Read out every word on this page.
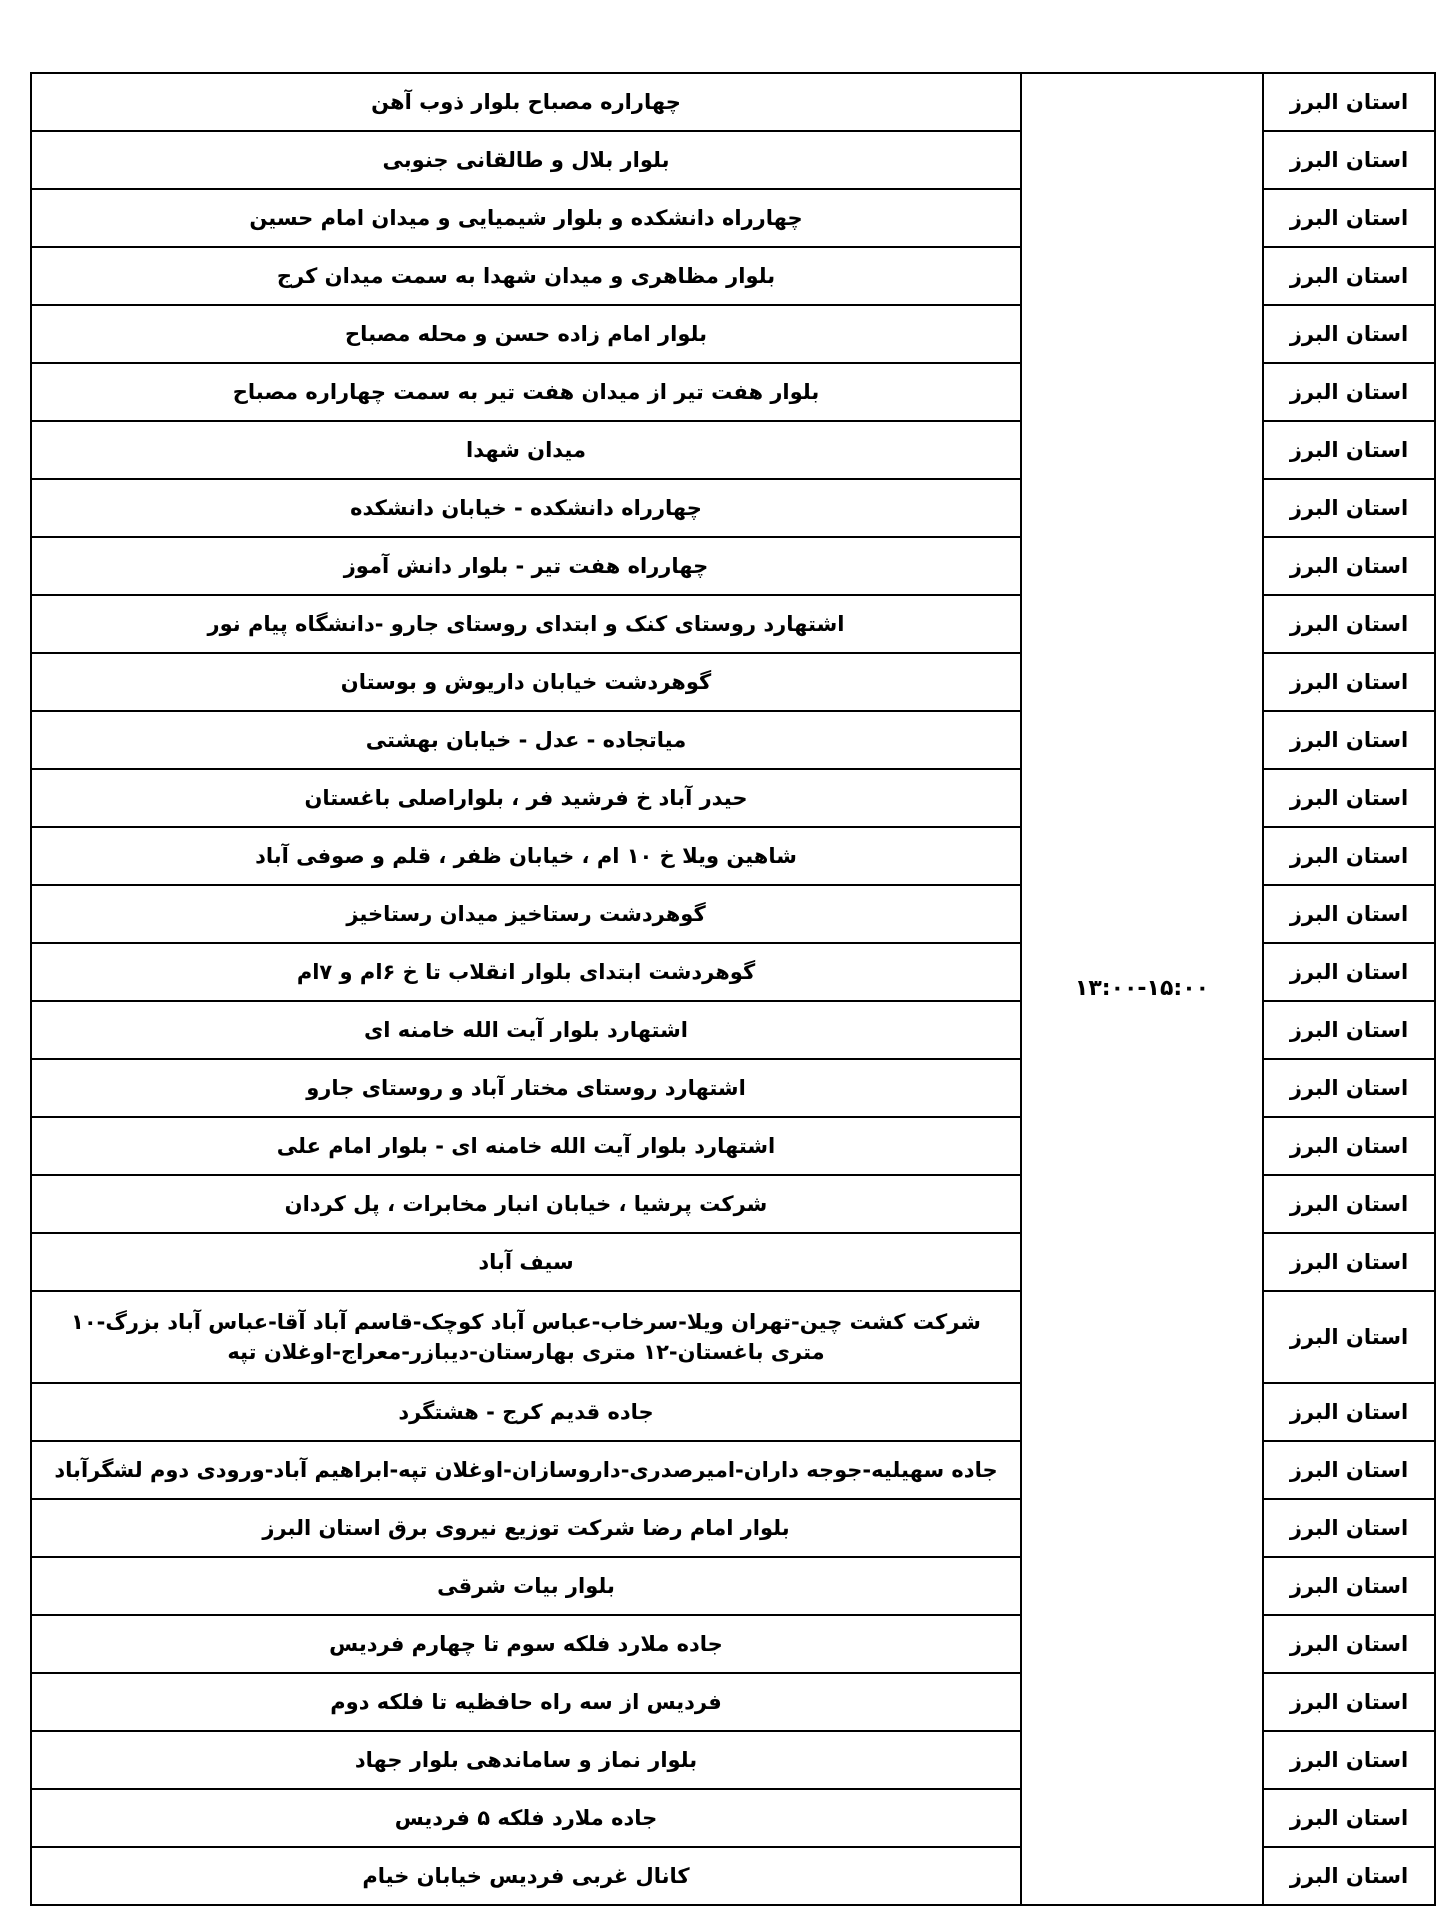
استان البرز	۱۳:۰۰-۱۵:۰۰	چهاراره مصباح بلوار ذوب آهن
استان البرز		بلوار بلال و طالقانی جنوبی
استان البرز		چهارراه دانشکده و بلوار شیمیایی و میدان امام حسین
استان البرز		بلوار مظاهری و میدان شهدا به سمت میدان کرج
استان البرز		بلوار امام زاده حسن و محله مصباح
استان البرز		بلوار هفت تیر از میدان هفت تیر به سمت چهاراره مصباح
استان البرز		میدان شهدا
استان البرز		چهارراه دانشکده - خیابان دانشکده
استان البرز		چهارراه هفت تیر - بلوار دانش آموز
استان البرز		اشتهارد روستای کنک و ابتدای روستای جارو -دانشگاه پیام نور
استان البرز		گوهردشت خیابان داریوش و بوستان
استان البرز		میاتجاده - عدل - خیابان بهشتی
استان البرز		حیدر آباد خ فرشید فر ، بلواراصلی باغستان
استان البرز		شاهین ویلا خ ۱۰ ام ، خیابان ظفر ، قلم و صوفی آباد
استان البرز		گوهردشت رستاخیز میدان رستاخیز
استان البرز		گوهردشت ابتدای بلوار انقلاب تا خ ۶ام و ۷ام
استان البرز		اشتهارد بلوار آیت الله خامنه ای
استان البرز		اشتهارد روستای مختار آباد و روستای جارو
استان البرز		اشتهارد بلوار آیت الله خامنه ای - بلوار امام علی
استان البرز		شرکت پرشیا ، خیابان انبار مخابرات ، پل کردان
استان البرز		سیف آباد
استان البرز		شرکت کشت چین-تهران ویلا-سرخاب-عباس آباد کوچک-قاسم آباد آقا-عباس آباد بزرگ-۱۰ متری باغستان-۱۲ متری بهارستان-دیبازر-معراج-اوغلان تپه
استان البرز		جاده قدیم کرج - هشتگرد
استان البرز		جاده سهیلیه-جوجه داران-امیرصدری-داروسازان-اوغلان تپه-ابراهیم آباد-ورودی دوم لشگرآباد
استان البرز		بلوار امام رضا شرکت توزیع نیروی برق استان البرز
استان البرز		بلوار بیات شرقی
استان البرز		جاده ملارد فلکه سوم تا چهارم فردیس
استان البرز		فردیس از سه راه حافظیه تا فلکه دوم
استان البرز		بلوار نماز و ساماندهی بلوار جهاد
استان البرز		جاده ملارد فلکه ۵ فردیس
استان البرز		کانال غربی فردیس خیابان خیام
